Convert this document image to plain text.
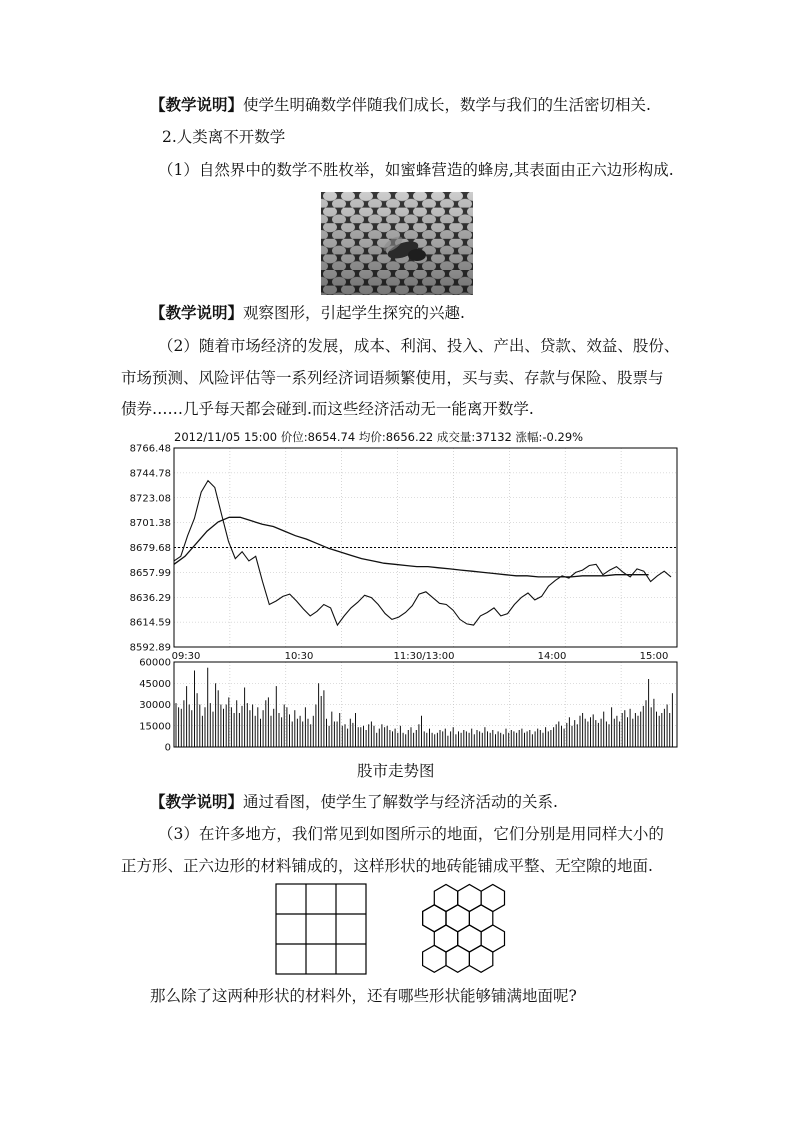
【教学说明】使学生明确数学伴随我们成长，数学与我们的生活密切相关.
2.人类离不开数学
（1）自然界中的数学不胜枚举，如蜜蜂营造的蜂房,其表面由正六边形构成.
【教学说明】观察图形，引起学生探究的兴趣.
（2）随着市场经济的发展，成本、利润、投入、产出、贷款、效益、股份、
市场预测、风险评估等一系列经济词语频繁使用，买与卖、存款与保险、股票与
债券……几乎每天都会碰到.而这些经济活动无一能离开数学.
2012/11/05 15:00 价位:8654.74 均价:8656.22 成交量:37132 涨幅:-0.29%
8766.48
8744.78
8723.08
8701.38
8679.68
8657.99
8636.29
8614.59
8592.89
09:30	10:30	11:30/13:00	14:00	15:00
60000
45000
30000
15000
0
股市走势图
【教学说明】通过看图，使学生了解数学与经济活动的关系.
（3）在许多地方，我们常见到如图所示的地面，它们分别是用同样大小的
正方形、正六边形的材料铺成的，这样形状的地砖能铺成平整、无空隙的地面.
那么除了这两种形状的材料外，还有哪些形状能够铺满地面呢?
